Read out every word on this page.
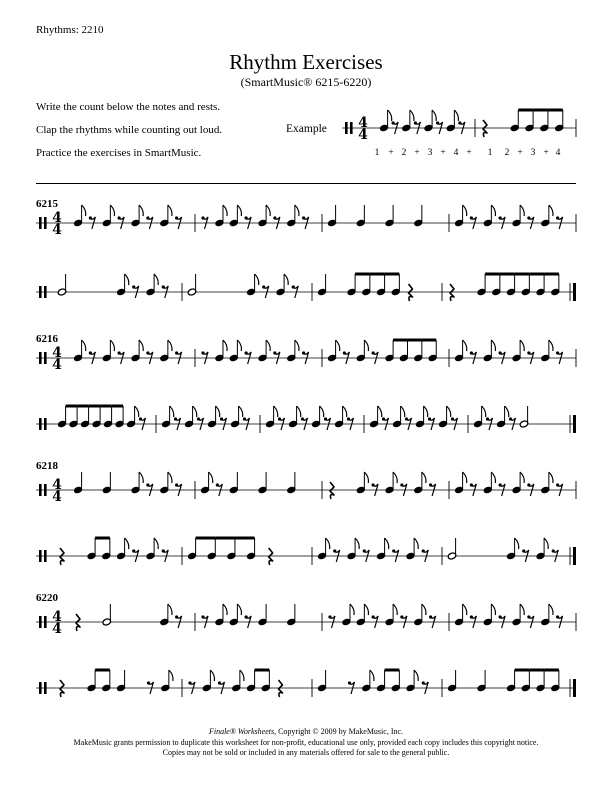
Rhythms: 2210
Rhythm Exercises
(SmartMusic® 6215-6220)
Write the count below the notes and rests.
Clap the rhythms while counting out loud.
Practice the exercises in SmartMusic.
Example 4
4
1 + 2 + 3 + 4 + 1 2 + 3 + 4
6215
4
4
6216
4
4
6218
4
4
6220
4
4
Finale® Worksheets, Copyright © 2009 by MakeMusic, Inc.
MakeMusic grants permission to duplicate this worksheet for non-profit, educational use only, provided each copy includes this copyright notice.
Copies may not be sold or included in any materials offered for sale to the general public.
